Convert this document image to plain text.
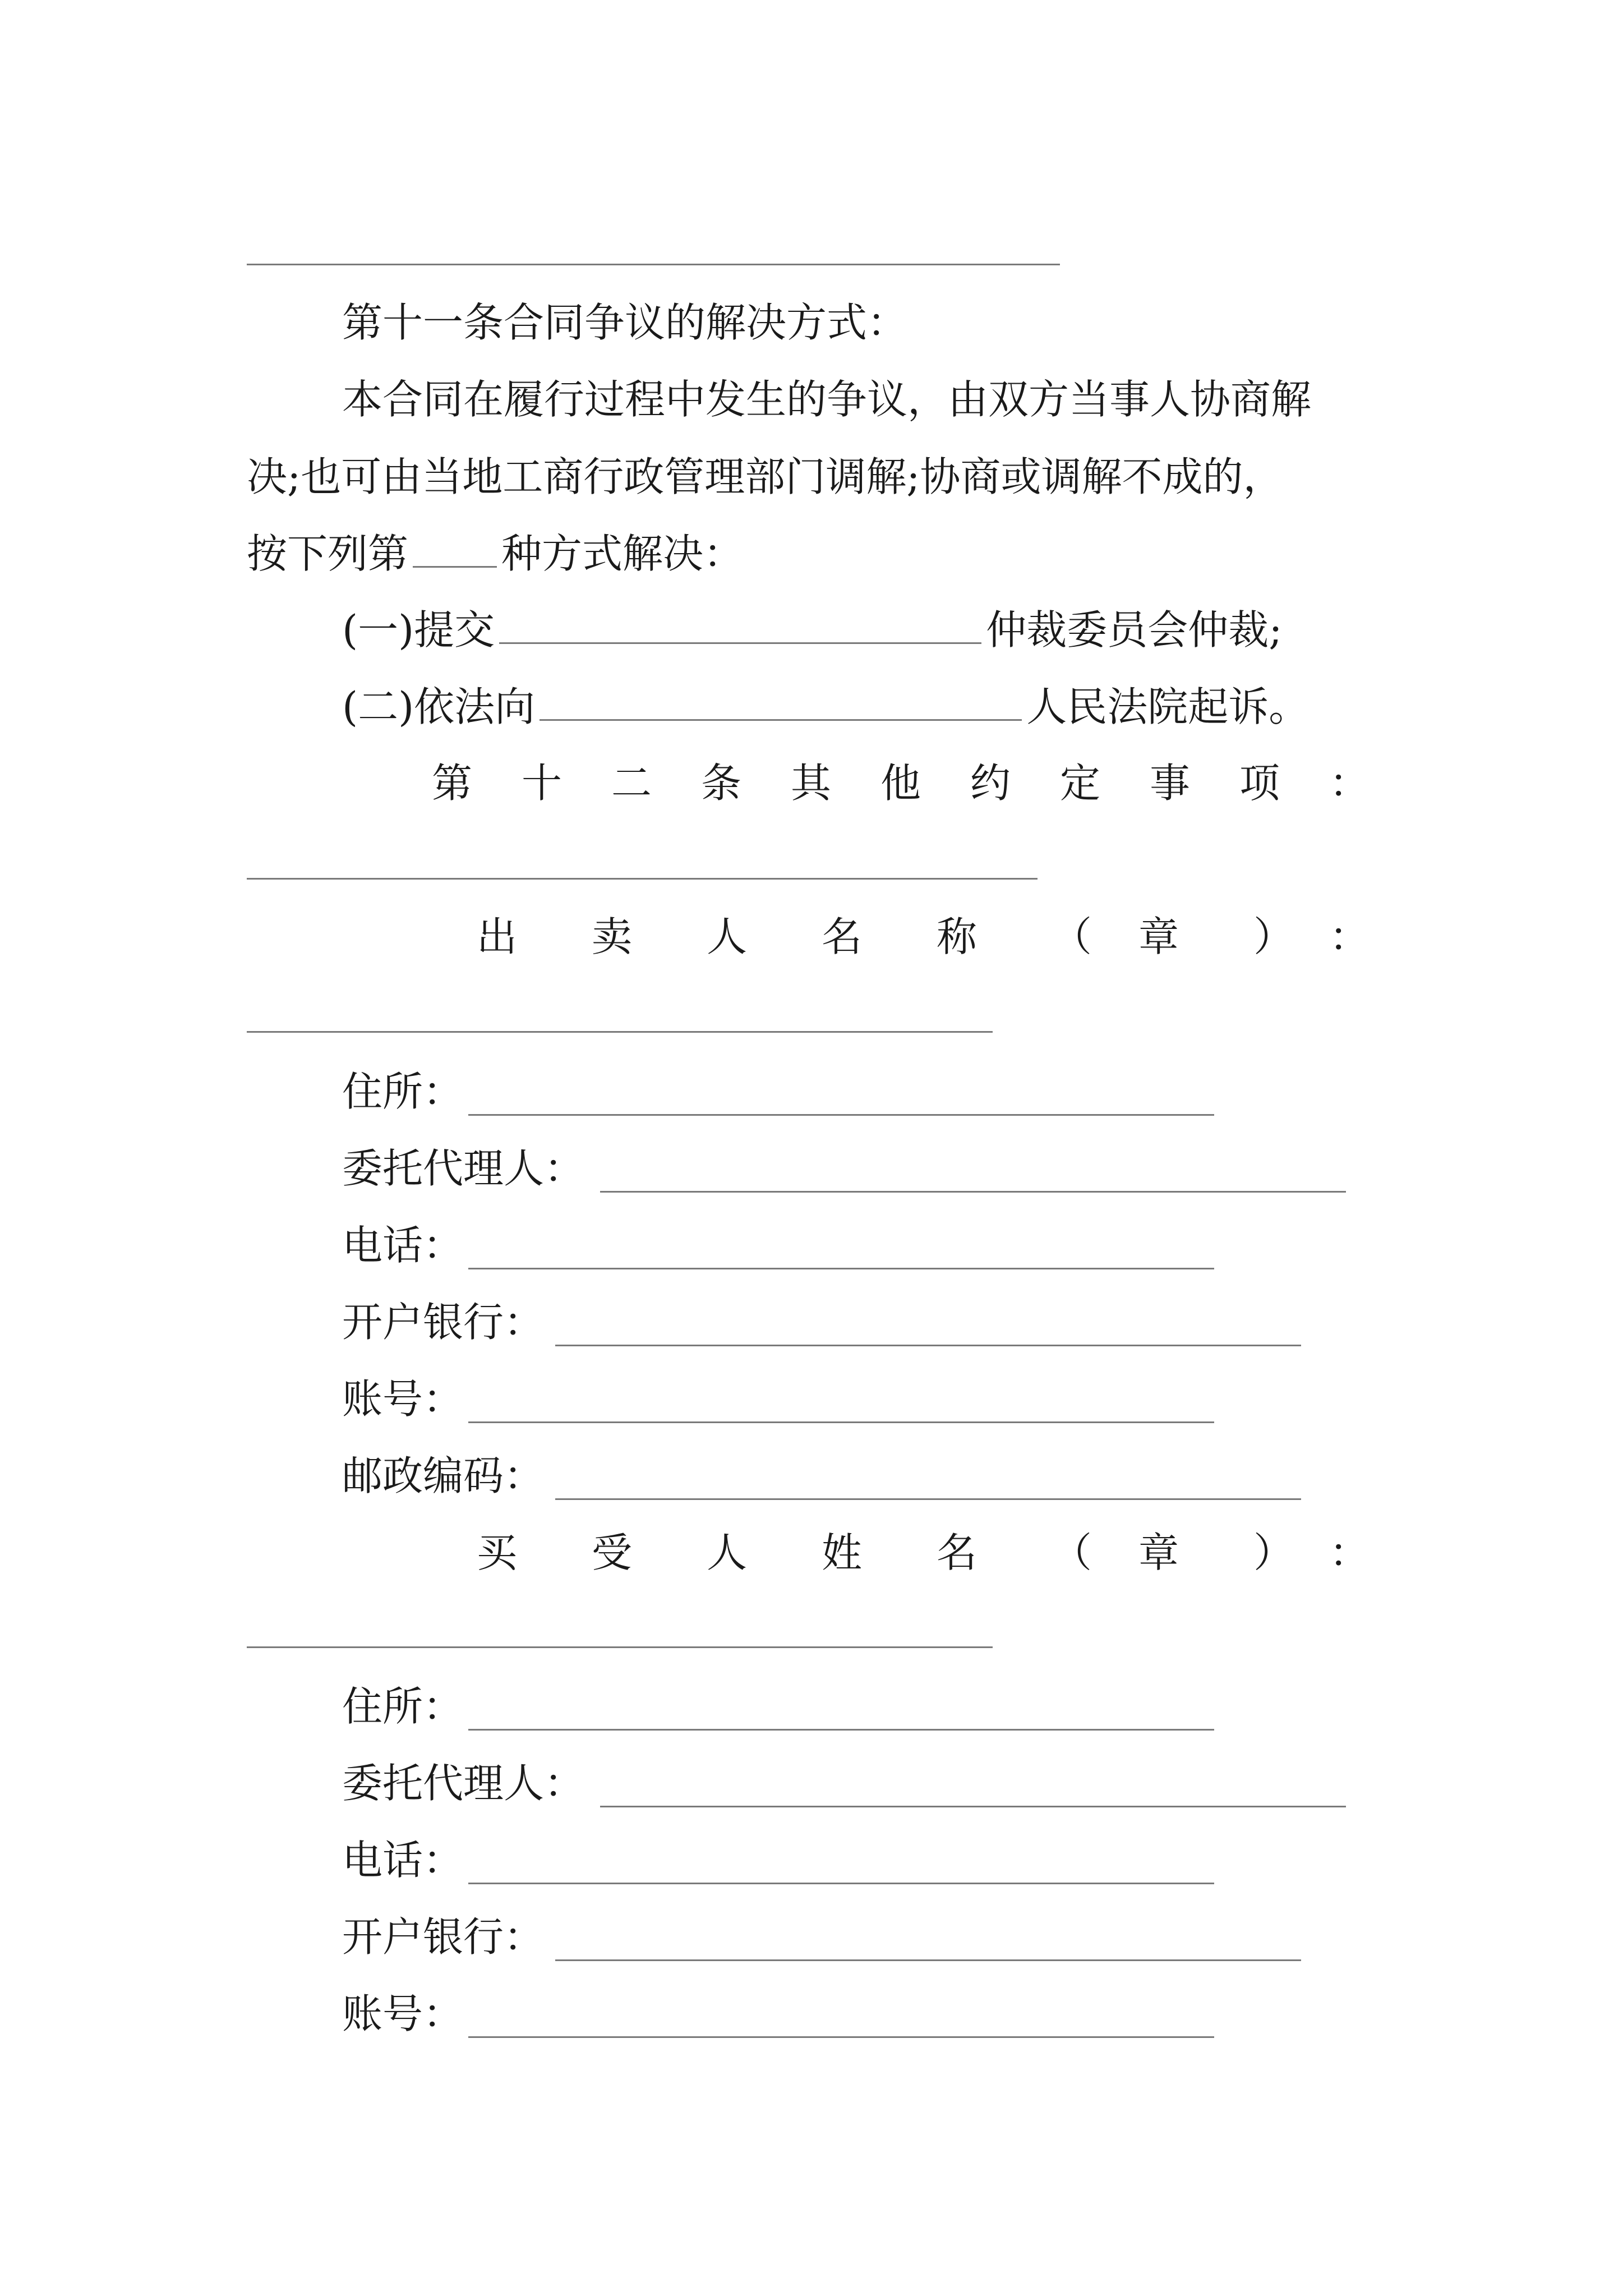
第十一条合同争议的解决方式：
本合同在履行过程中发生的争议，由双方当事人协商解
决;也可由当地工商行政管理部门调解;协商或调解不成的，
按下列第 种方式解决：
(一)提交	仲裁委员会仲裁;
(二)依法向	人民法院起诉。
第 十 二 条 其 他 约 定 事 项 ：
出 卖 人 名 称 （ 章 ） ：
住所：
委托代理人：
电话：
开户银行：
账号：
邮政编码：
买 受 人 姓 名 （ 章 ） ：
住所：
委托代理人：
电话：
开户银行：
账号：
